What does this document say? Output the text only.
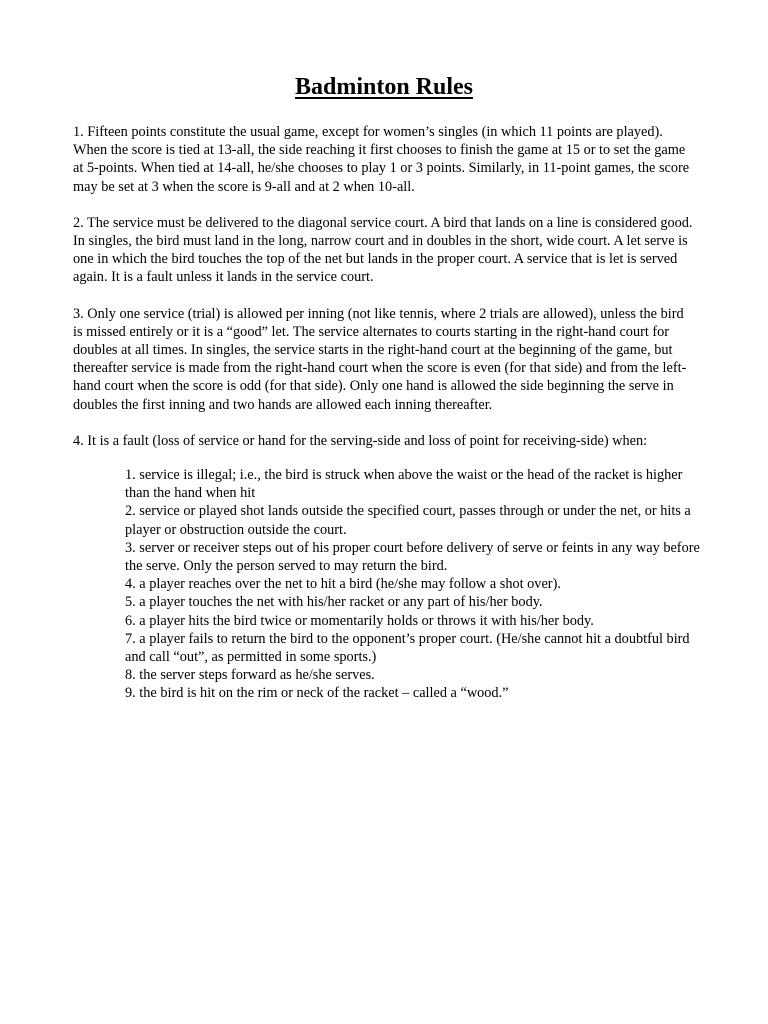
Badminton Rules

1. Fifteen points constitute the usual game, except for women’s singles (in which 11 points are played). When the score is tied at 13-all, the side reaching it first chooses to finish the game at 15 or to set the game at 5-points. When tied at 14-all, he/she chooses to play 1 or 3 points. Similarly, in 11-point games, the score may be set at 3 when the score is 9-all and at 2 when 10-all.

2. The service must be delivered to the diagonal service court. A bird that lands on a line is considered good. In singles, the bird must land in the long, narrow court and in doubles in the short, wide court. A let serve is one in which the bird touches the top of the net but lands in the proper court. A service that is let is served again. It is a fault unless it lands in the service court.

3. Only one service (trial) is allowed per inning (not like tennis, where 2 trials are allowed), unless the bird is missed entirely or it is a “good” let. The service alternates to courts starting in the right-hand court for doubles at all times. In singles, the service starts in the right-hand court at the beginning of the game, but thereafter service is made from the right-hand court when the score is even (for that side) and from the left-hand court when the score is odd (for that side). Only one hand is allowed the side beginning the serve in doubles the first inning and two hands are allowed each inning thereafter.

4. It is a fault (loss of service or hand for the serving-side and loss of point for receiving-side) when:

1. service is illegal; i.e., the bird is struck when above the waist or the head of the racket is higher than the hand when hit
2. service or played shot lands outside the specified court, passes through or under the net, or hits a player or obstruction outside the court.
3. server or receiver steps out of his proper court before delivery of serve or feints in any way before the serve. Only the person served to may return the bird.
4. a player reaches over the net to hit a bird (he/she may follow a shot over).
5. a player touches the net with his/her racket or any part of his/her body.
6. a player hits the bird twice or momentarily holds or throws it with his/her body.
7. a player fails to return the bird to the opponent’s proper court. (He/she cannot hit a doubtful bird and call “out”, as permitted in some sports.)
8. the server steps forward as he/she serves.
9. the bird is hit on the rim or neck of the racket – called a “wood.”
